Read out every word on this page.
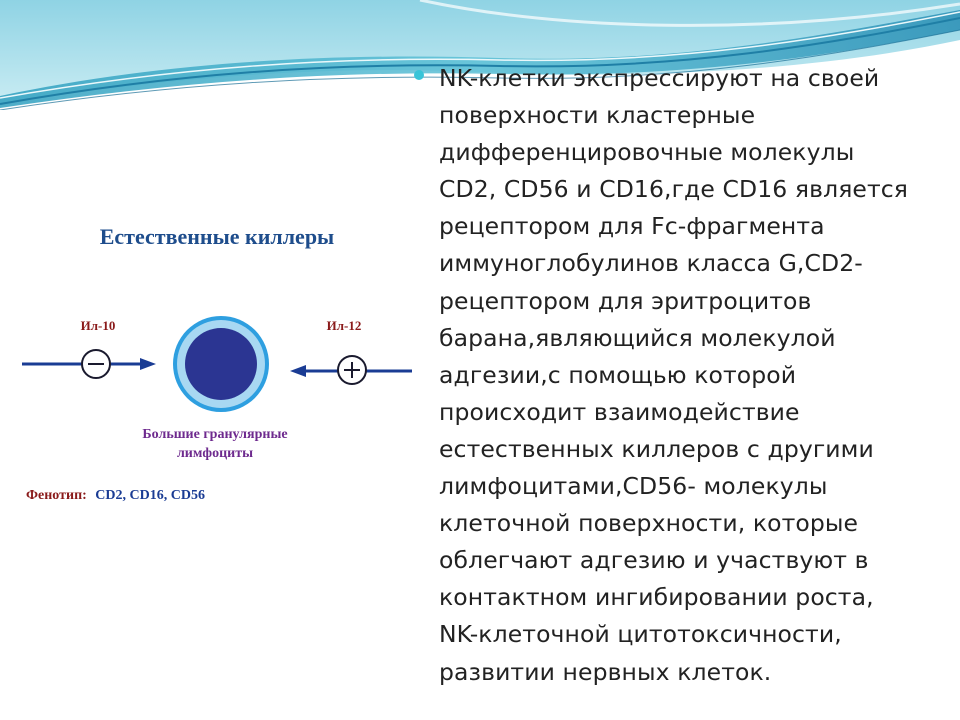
Естественные киллеры
Ил-10	Ил-12
Большие гранулярные
лимфоциты
Фенотип: CD2, CD16, CD56

NK-клетки экспрессируют на своей
поверхности кластерные
дифференцировочные молекулы
CD2, CD56 и CD16,где CD16 является
рецептором для Fc-фрагмента
иммуноглобулинов класса G,CD2-
рецептором для эритроцитов
барана,являющийся молекулой
адгезии,с помощью которой
происходит взаимодействие
естественных киллеров с другими
лимфоцитами,CD56- молекулы
клеточной поверхности, которые
облегчают адгезию и участвуют в
контактном ингибировании роста,
NK-клеточной цитотоксичности,
развитии нервных клеток.
